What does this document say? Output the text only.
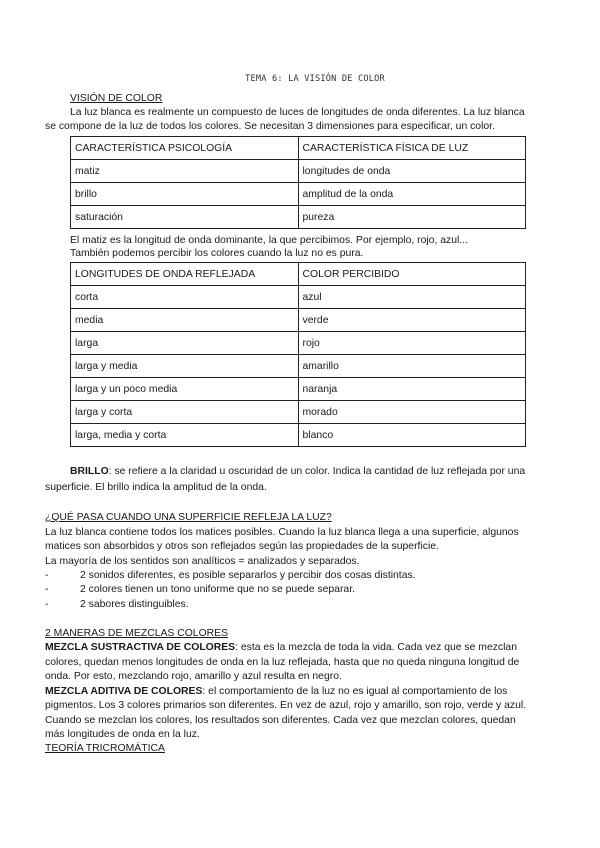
TEMA 6: LA VISIÓN DE COLOR
VISIÓN DE COLOR
La luz blanca es realmente un compuesto de luces de longitudes de onda diferentes. La luz blanca
se compone de la luz de todos los colores. Se necesitan 3 dimensiones para especificar, un color.
CARACTERÍSTICA PSICOLOGÍA	CARACTERÍSTICA FÍSICA DE LUZ
matiz	longitudes de onda
brillo	amplitud de la onda
saturación	pureza
El matiz es la longitud de onda dominante, la que percibimos. Por ejemplo, rojo, azul...
También podemos percibir los colores cuando la luz no es pura.
LONGITUDES DE ONDA REFLEJADA	COLOR PERCIBIDO
corta	azul
media	verde
larga	rojo
larga y media	amarillo
larga y un poco media	naranja
larga y corta	morado
larga, media y corta	blanco
BRILLO: se refiere a la claridad u oscuridad de un color. Indica la cantidad de luz reflejada por una
superficie. El brillo indica la amplitud de la onda.
¿QUÉ PASA CUANDO UNA SUPERFICIE REFLEJA LA LUZ?
La luz blanca contiene todos los matices posibles. Cuando la luz blanca llega a una superficie, algunos
matices son absorbidos y otros son reflejados según las propiedades de la superficie.
La mayoría de los sentidos son analíticos = analizados y separados.
-	2 sonidos diferentes, es posible separarlos y percibir dos cosas distintas.
-	2 colores tienen un tono uniforme que no se puede separar.
-	2 sabores distinguibles.
2 MANERAS DE MEZCLAS COLORES
MEZCLA SUSTRACTIVA DE COLORES: esta es la mezcla de toda la vida. Cada vez que se mezclan
colores, quedan menos longitudes de onda en la luz reflejada, hasta que no queda ninguna longitud de
onda. Por esto, mezclando rojo, amarillo y azul resulta en negro.
MEZCLA ADITIVA DE COLORES: el comportamiento de la luz no es igual al comportamiento de los
pigmentos. Los 3 colores primarios son diferentes. En vez de azul, rojo y amarillo, son rojo, verde y azul.
Cuando se mezclan los colores, los resultados son diferentes. Cada vez que mezclan colores, quedan
más longitudes de onda en la luz.
TEORÍA TRICROMÁTICA
